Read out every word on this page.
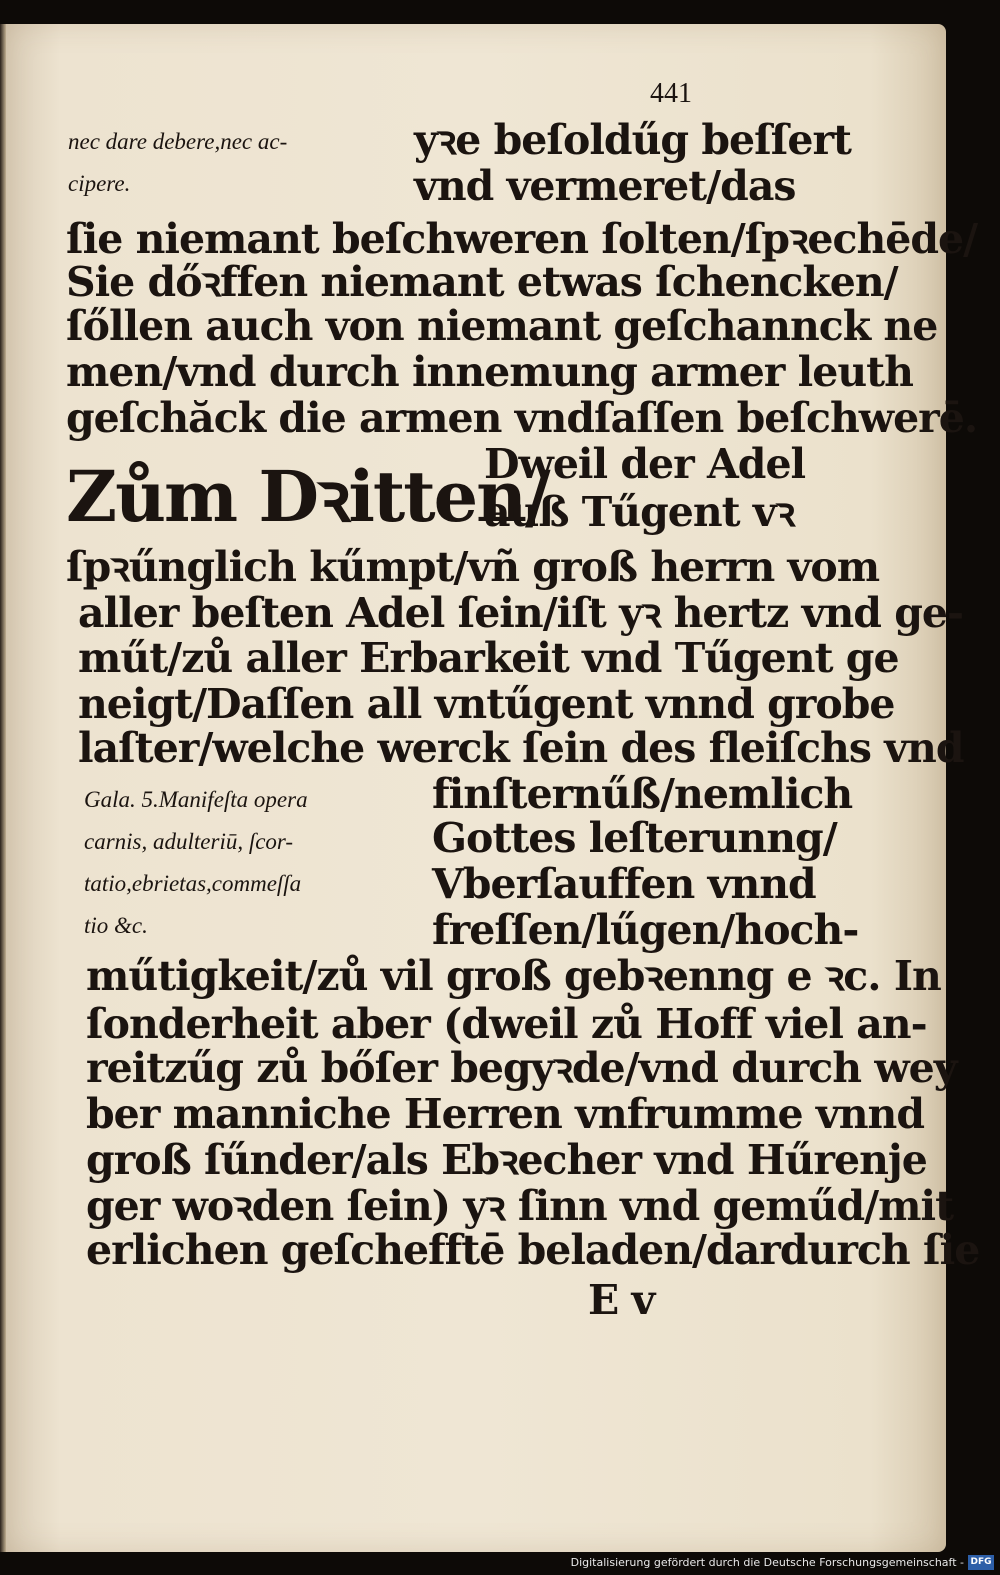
441
nec dare debere,nec ac-
cipere.
yꝛe beſoldűg beſſert
vnd vermeret/das
ſie niemant beſchweren ſolten/ſpꝛechēde/
Sie dőꝛffen niemant etwas ſchencken/
ſőllen auch von niemant geſchannck ne
men/vnd durch innemung armer leuth
geſchăck die armen vndſaſſen beſchwerē.
Zům Dꝛitten/
Dweil der Adel
auß Tűgent vꝛ
ſpꝛűnglich kűmpt/vñ groß herrn vom
aller beſten Adel ſein/iſt yꝛ hertz vnd ge-
műt/zů aller Erbarkeit vnd Tűgent ge
neigt/Daſſen all vntűgent vnnd grobe
laſter/welche werck ſein des fleiſchs vnd
Gala. 5.Manifeſta opera
carnis, adulteriū, ſcor-
tatio,ebrietas,commeſſa
tio &c.
finſternűß/nemlich
Gottes leſterunng/
Vberſauffen vnnd
freſſen/lűgen/hoch-
műtigkeit/zů vil groß gebꝛenng e ꝛc. In
ſonderheit aber (dweil zů Hoff viel an-
reitzűg zů bőſer begyꝛde/vnd durch wey
ber manniche Herren vnfrumme vnnd
groß ſűnder/als Ebꝛecher vnd Hűrenje
ger woꝛden ſein) yꝛ ſinn vnd geműd/mit
erlichen geſchefftē beladen/dardurch ſie
E v
Digitalisierung gefördert durch die Deutsche Forschungsgemeinschaft - DFG
